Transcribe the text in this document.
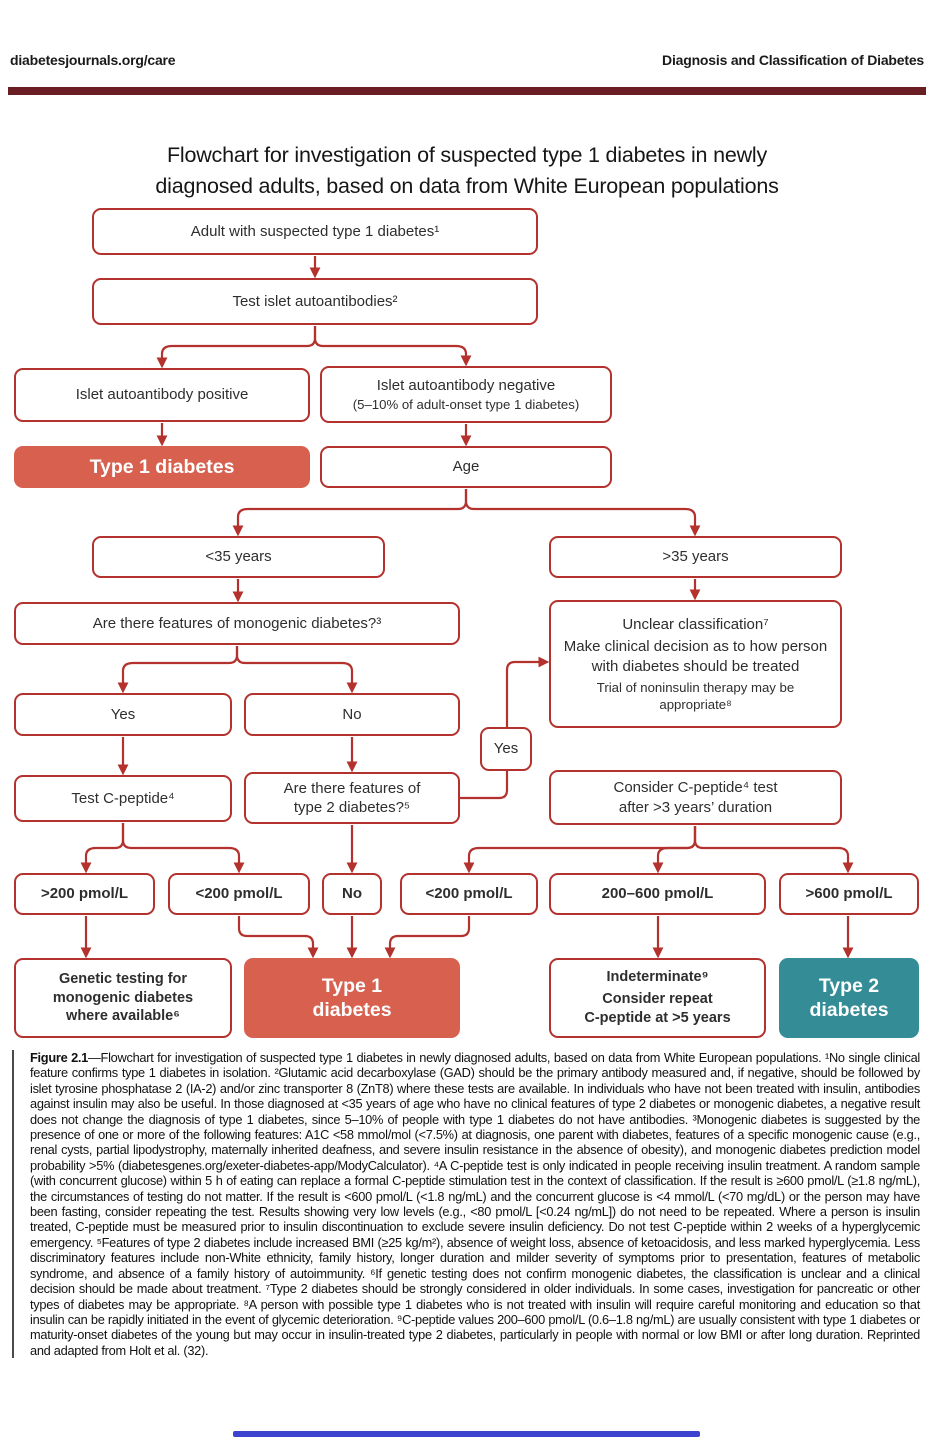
diabetesjournals.org/care	Diagnosis and Classification of Diabetes
Flowchart for investigation of suspected type 1 diabetes in newly
diagnosed adults, based on data from White European populations
Adult with suspected type 1 diabetes¹
Test islet autoantibodies²
Islet autoantibody positive
Islet autoantibody negative
(5–10% of adult-onset type 1 diabetes)
Type 1 diabetes	Age
<35 years	>35 years
Are there features of monogenic diabetes?³	Unclear classification⁷
Make clinical decision as to how person with diabetes should be treated
Trial of noninsulin therapy may be appropriate⁸
Yes	No
Test C-peptide⁴
Are there features of
type 2 diabetes?⁵
Yes
Consider C-peptide⁴ test
after >3 years’ duration
>200 pmol/L	<200 pmol/L	No	<200 pmol/L	200–600 pmol/L	>600 pmol/L
Genetic testing for
monogenic diabetes
where available⁶
Type 1
diabetes
Indeterminate⁹
Consider repeat
C-peptide at >5 years
Type 2
diabetes
Figure 2.1—Flowchart for investigation of suspected type 1 diabetes in newly diagnosed adults, based on data from White European populations. ¹No single clinical feature confirms type 1 diabetes in isolation. ²Glutamic acid decarboxylase (GAD) should be the primary antibody measured and, if negative, should be followed by islet tyrosine phosphatase 2 (IA-2) and/or zinc transporter 8 (ZnT8) where these tests are available. In individuals who have not been treated with insulin, antibodies against insulin may also be useful. In those diagnosed at <35 years of age who have no clinical features of type 2 diabetes or monogenic diabetes, a negative result does not change the diagnosis of type 1 diabetes, since 5–10% of people with type 1 diabetes do not have antibodies. ³Monogenic diabetes is suggested by the presence of one or more of the following features: A1C <58 mmol/mol (<7.5%) at diagnosis, one parent with diabetes, features of a specific monogenic cause (e.g., renal cysts, partial lipodystrophy, maternally inherited deafness, and severe insulin resistance in the absence of obesity), and monogenic diabetes prediction model probability >5% (diabetesgenes.org/exeter-diabetes-app/ModyCalculator). ⁴A C-peptide test is only indicated in people receiving insulin treatment. A random sample (with concurrent glucose) within 5 h of eating can replace a formal C-peptide stimulation test in the context of classification. If the result is ≥600 pmol/L (≥1.8 ng/mL), the circumstances of testing do not matter. If the result is <600 pmol/L (<1.8 ng/mL) and the concurrent glucose is <4 mmol/L (<70 mg/dL) or the person may have been fasting, consider repeating the test. Results showing very low levels (e.g., <80 pmol/L [<0.24 ng/mL]) do not need to be repeated. Where a person is insulin treated, C-peptide must be measured prior to insulin discontinuation to exclude severe insulin deficiency. Do not test C-peptide within 2 weeks of a hyperglycemic emergency. ⁵Features of type 2 diabetes include increased BMI (≥25 kg/m²), absence of weight loss, absence of ketoacidosis, and less marked hyperglycemia. Less discriminatory features include non-White ethnicity, family history, longer duration and milder severity of symptoms prior to presentation, features of metabolic syndrome, and absence of a family history of autoimmunity. ⁶If genetic testing does not confirm monogenic diabetes, the classification is unclear and a clinical decision should be made about treatment. ⁷Type 2 diabetes should be strongly considered in older individuals. In some cases, investigation for pancreatic or other types of diabetes may be appropriate. ⁸A person with possible type 1 diabetes who is not treated with insulin will require careful monitoring and education so that insulin can be rapidly initiated in the event of glycemic deterioration. ⁹C-peptide values 200–600 pmol/L (0.6–1.8 ng/mL) are usually consistent with type 1 diabetes or maturity-onset diabetes of the young but may occur in insulin-treated type 2 diabetes, particularly in people with normal or low BMI or after long duration. Reprinted and adapted from Holt et al. (32).
